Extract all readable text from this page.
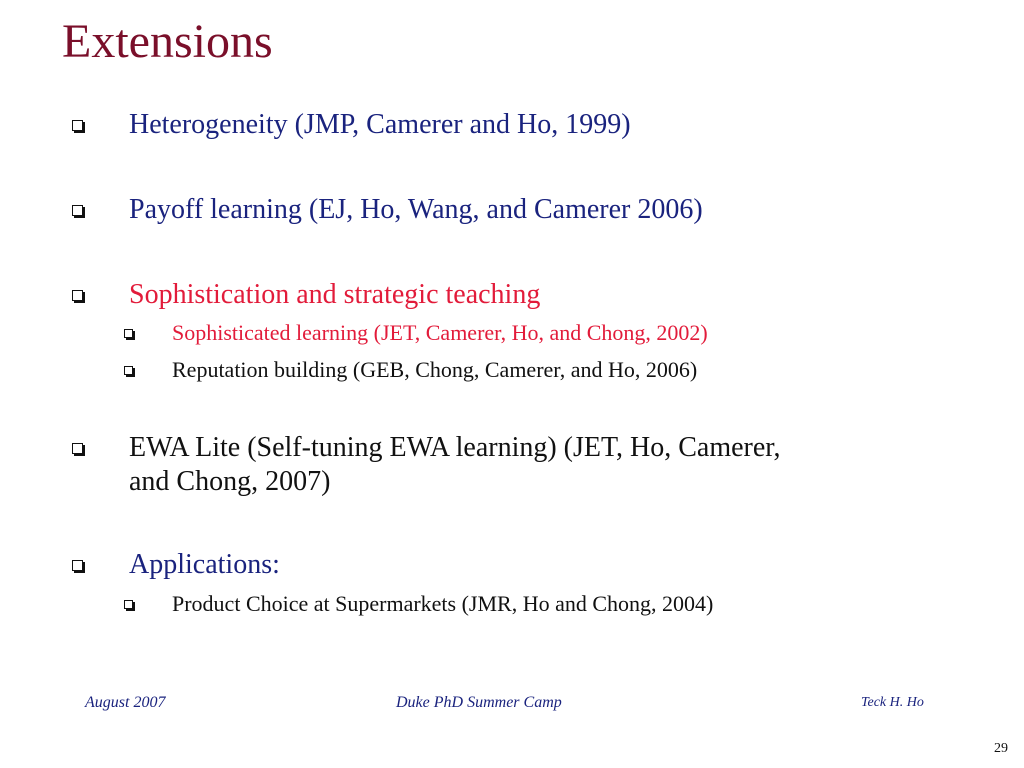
Extensions
Heterogeneity (JMP, Camerer and Ho, 1999)
Payoff learning (EJ, Ho, Wang, and Camerer 2006)
Sophistication and strategic teaching
Sophisticated learning (JET, Camerer, Ho, and Chong, 2002)
Reputation building (GEB, Chong, Camerer, and Ho, 2006)
EWA Lite (Self-tuning EWA learning) (JET, Ho, Camerer,
and Chong, 2007)
Applications:
Product Choice at Supermarkets (JMR, Ho and Chong, 2004)
August 2007	Duke PhD Summer Camp	Teck H. Ho
29
